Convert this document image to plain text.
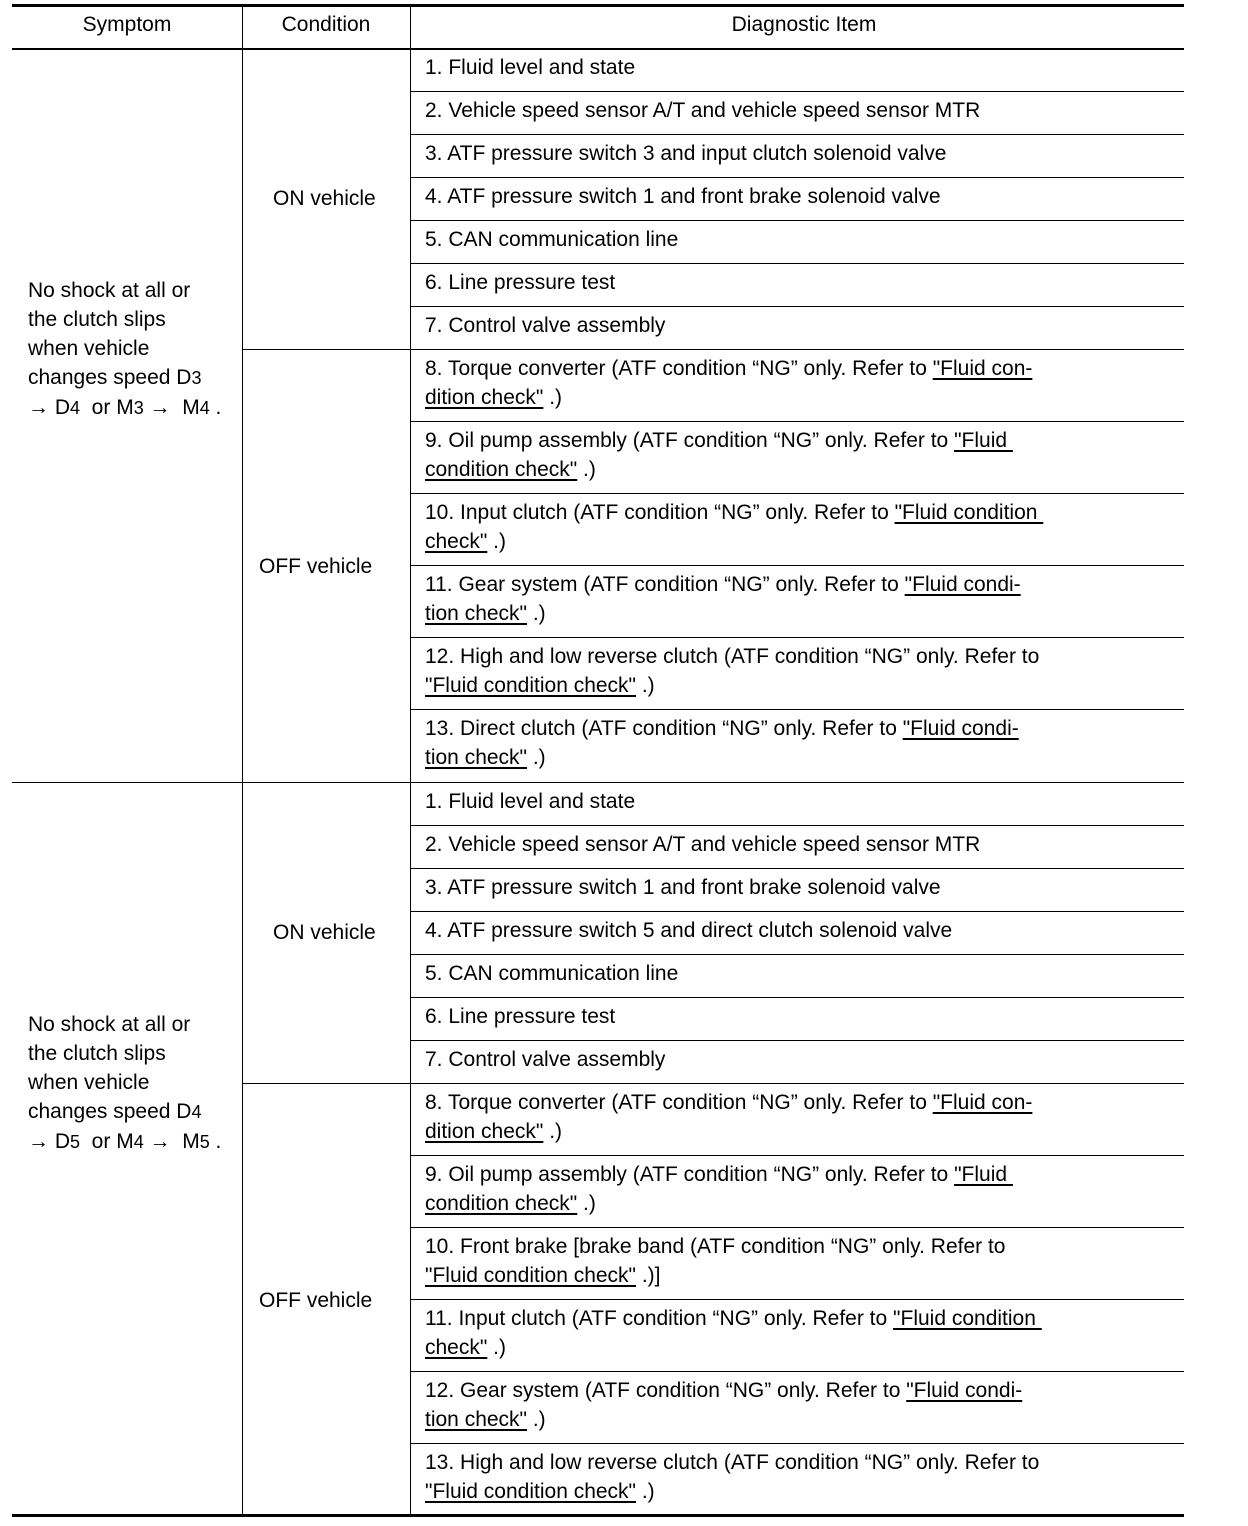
Symptom	Condition	Diagnostic Item
No shock at all or
the clutch slips
when vehicle
changes speed D3
→ D4  or M3 →  M4 .
ON vehicle
OFF vehicle
1. Fluid level and state
2. Vehicle speed sensor A/T and vehicle speed sensor MTR
3. ATF pressure switch 3 and input clutch solenoid valve
4. ATF pressure switch 1 and front brake solenoid valve
5. CAN communication line
6. Line pressure test
7. Control valve assembly
8. Torque converter (ATF condition “NG” only. Refer to "Fluid con-
dition check" .)
9. Oil pump assembly (ATF condition “NG” only. Refer to "Fluid
condition check" .)
10. Input clutch (ATF condition “NG” only. Refer to "Fluid condition
check" .)
11. Gear system (ATF condition “NG” only. Refer to "Fluid condi-
tion check" .)
12. High and low reverse clutch (ATF condition “NG” only. Refer to
"Fluid condition check" .)
13. Direct clutch (ATF condition “NG” only. Refer to "Fluid condi-
tion check" .)
No shock at all or
the clutch slips
when vehicle
changes speed D4
→ D5  or M4 →  M5 .
ON vehicle
OFF vehicle
1. Fluid level and state
2. Vehicle speed sensor A/T and vehicle speed sensor MTR
3. ATF pressure switch 1 and front brake solenoid valve
4. ATF pressure switch 5 and direct clutch solenoid valve
5. CAN communication line
6. Line pressure test
7. Control valve assembly
8. Torque converter (ATF condition “NG” only. Refer to "Fluid con-
dition check" .)
9. Oil pump assembly (ATF condition “NG” only. Refer to "Fluid
condition check" .)
10. Front brake [brake band (ATF condition “NG” only. Refer to
"Fluid condition check" .)]
11. Input clutch (ATF condition “NG” only. Refer to "Fluid condition
check" .)
12. Gear system (ATF condition “NG” only. Refer to "Fluid condi-
tion check" .)
13. High and low reverse clutch (ATF condition “NG” only. Refer to
"Fluid condition check" .)
